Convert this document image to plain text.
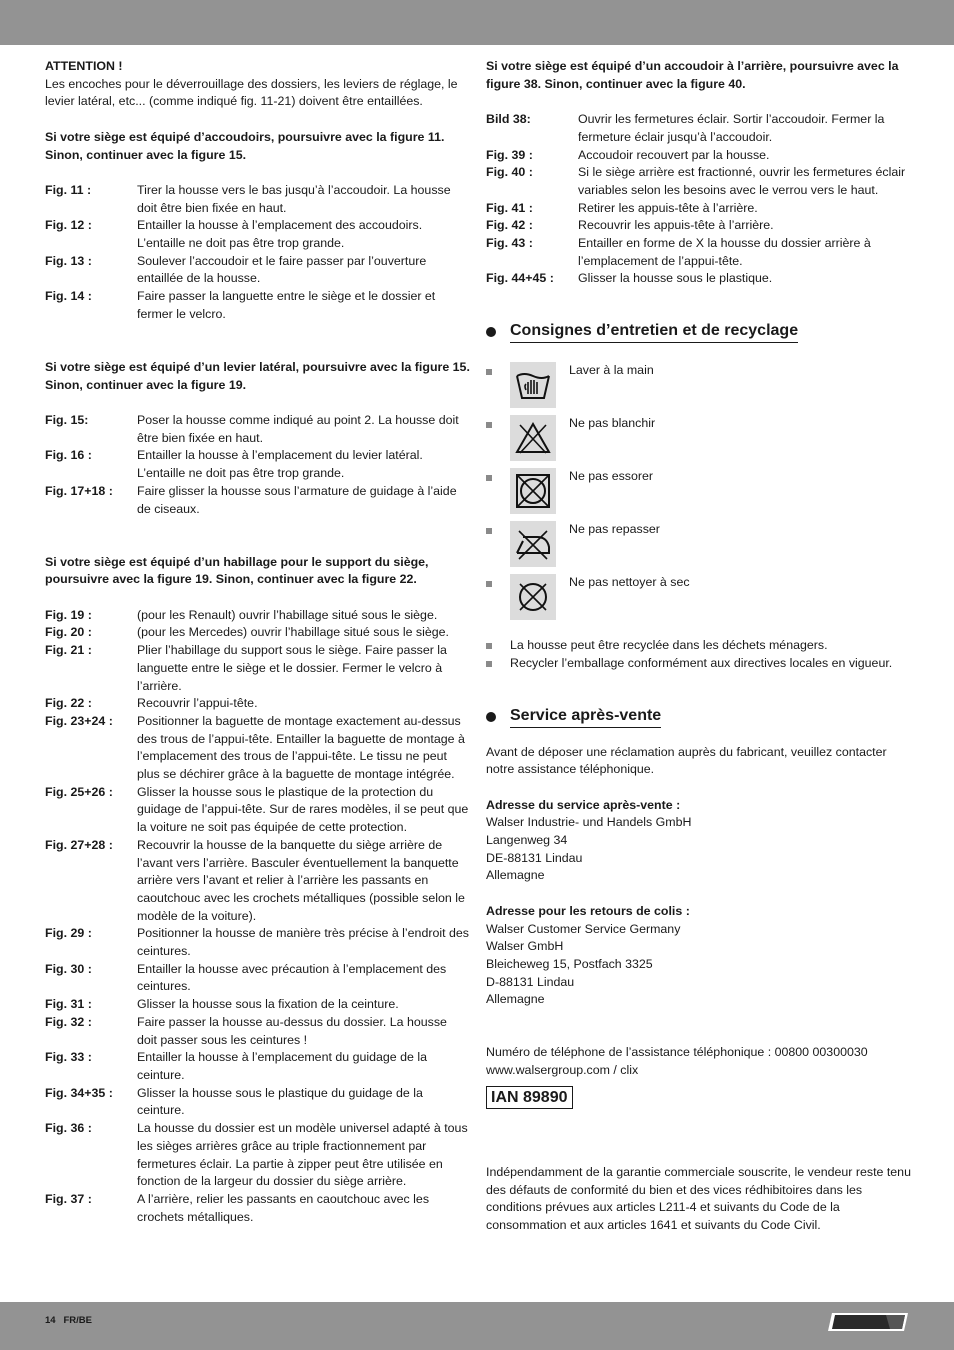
ATTENTION !
Les encoches pour le déverrouillage des dossiers, les leviers de réglage, le levier latéral, etc... (comme indiqué fig. 11-21) doivent être entaillées.
Si votre siège est équipé d’accoudoirs, poursuivre avec la figure 11. Sinon, continuer avec la figure 15.
Fig. 11 :	Tirer la housse vers le bas jusqu’à l’accoudoir. La housse doit être bien fixée en haut.
Fig. 12 :	Entailler la housse à l’emplacement des accoudoirs. L’entaille ne doit pas être trop grande.
Fig. 13 :	Soulever l’accoudoir et le faire passer par l’ouverture entaillée de la housse.
Fig. 14 :	Faire passer la languette entre le siège et le dossier et fermer le velcro.
Si votre siège est équipé d’un levier latéral, poursuivre avec la figure 15. Sinon, continuer avec la figure 19.
Fig. 15:	Poser la housse comme indiqué au point 2. La housse doit être bien fixée en haut.
Fig. 16 :	Entailler la housse à l’emplacement du levier latéral. L’entaille ne doit pas être trop grande.
Fig. 17+18 :	Faire glisser la housse sous l’armature de guidage à l’aide de ciseaux.
Si votre siège est équipé d’un habillage pour le support du siège, poursuivre avec la figure 19. Sinon, continuer avec la figure 22.
Fig. 19 :	(pour les Renault) ouvrir l’habillage situé sous le siège.
Fig. 20 :	(pour les Mercedes) ouvrir l’habillage situé sous le siège.
Fig. 21 :	Plier l’habillage du support sous le siège. Faire passer la languette entre le siège et le dossier. Fermer le velcro à l’arrière.
Fig. 22 :	Recouvrir l’appui-tête.
Fig. 23+24 :	Positionner la baguette de montage exactement au-dessus des trous de l’appui-tête. Entailler la baguette de montage à l’emplacement des trous de l’appui-tête. Le tissu ne peut plus se déchirer grâce à la baguette de montage intégrée.
Fig. 25+26 :	Glisser la housse sous le plastique de la protection du guidage de l’appui-tête. Sur de rares modèles, il se peut que la voiture ne soit pas équipée de cette protection.
Fig. 27+28 :	Recouvrir la housse de la banquette du siège arrière de l’avant vers l’arrière. Basculer éventuellement la banquette arrière vers l’avant et relier à l’arrière les passants en caoutchouc avec les crochets métalliques (possible selon le modèle de la voiture).
Fig. 29 :	Positionner la housse de manière très précise à l’endroit des ceintures.
Fig. 30 :	Entailler la housse avec précaution à l’emplacement des ceintures.
Fig. 31 :	Glisser la housse sous la fixation de la ceinture.
Fig. 32 :	Faire passer la housse au-dessus du dossier. La housse doit passer sous les ceintures !
Fig. 33 :	Entailler la housse à l’emplacement du guidage de la ceinture.
Fig. 34+35 :	Glisser la housse sous le plastique du guidage de la ceinture.
Fig. 36 :	La housse du dossier est un modèle universel adapté à tous les sièges arrières grâce au triple fractionnement par fermetures éclair. La partie à zipper peut être utilisée en fonction de la largeur du dossier du siège arrière.
Fig. 37 :	A l’arrière, relier les passants en caoutchouc avec les crochets métalliques.
Si votre siège est équipé d’un accoudoir à l’arrière, poursuivre avec la figure 38. Sinon, continuer avec la figure 40.
Bild 38:	Ouvrir les fermetures éclair. Sortir l’accoudoir. Fermer la fermeture éclair jusqu’à l’accoudoir.
Fig. 39 :	Accoudoir recouvert par la housse.
Fig. 40 :	Si le siège arrière est fractionné, ouvrir les fermetures éclair variables selon les besoins avec le verrou vers le haut.
Fig. 41 :	Retirer les appuis-tête à l’arrière.
Fig. 42 :	Recouvrir les appuis-tête à l’arrière.
Fig. 43 :	Entailler en forme de X la housse du dossier arrière à l’emplacement de l’appui-tête.
Fig. 44+45 :	Glisser la housse sous le plastique.
Consignes d’entretien et de recyclage
Laver à la main
Ne pas blanchir
Ne pas essorer
Ne pas repasser
Ne pas nettoyer à sec
La housse peut être recyclée dans les déchets ménagers.
Recycler l’emballage conformément aux directives locales en vigueur.
Service après-vente
Avant de déposer une réclamation auprès du fabricant, veuillez contacter notre assistance téléphonique.
Adresse du service après-vente :
Walser Industrie- und Handels GmbH
Langenweg 34
DE-88131 Lindau
Allemagne
Adresse pour les retours de colis :
Walser Customer Service Germany
Walser GmbH
Bleicheweg 15, Postfach 3325
D-88131 Lindau
Allemagne
Numéro de téléphone de l’assistance téléphonique : 00800 00300030
www.walsergroup.com / clix
IAN 89890
Indépendamment de la garantie commerciale souscrite, le vendeur reste tenu des défauts de conformité du bien et des vices rédhibitoires dans les conditions prévues aux articles L211-4 et suivants du Code de la consommation et aux articles 1641 et suivants du Code Civil.
14   FR/BE
